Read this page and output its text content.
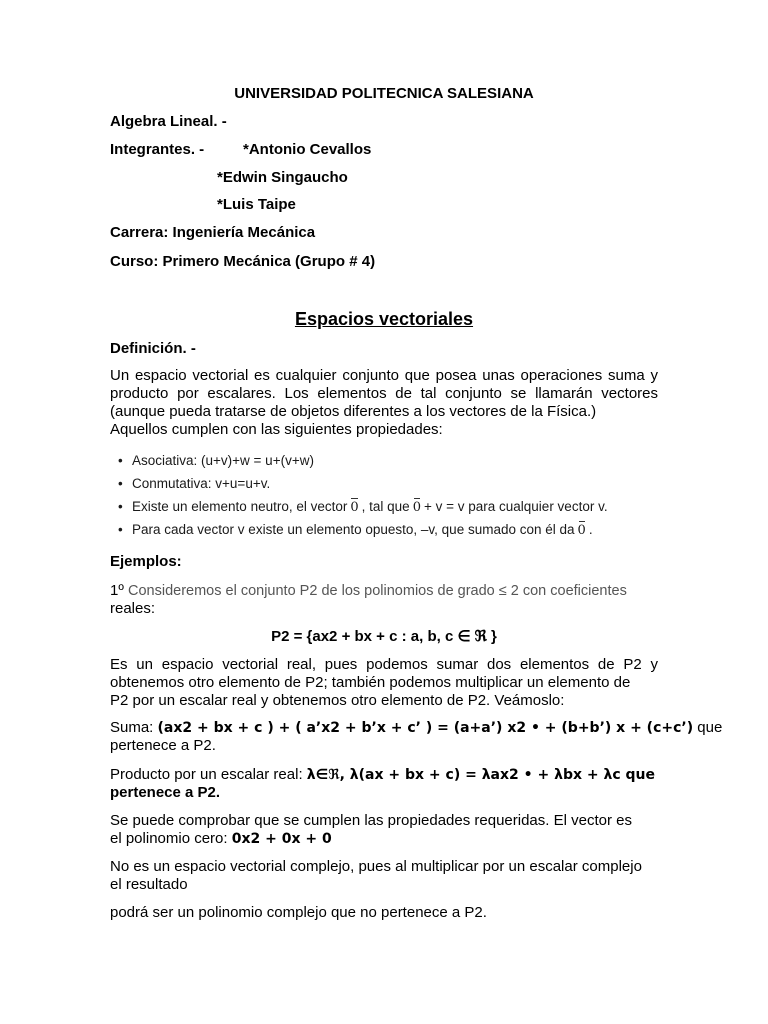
UNIVERSIDAD POLITECNICA SALESIANA
Algebra Lineal. -
Integrantes. -	*Antonio Cevallos
*Edwin Singaucho
*Luis Taipe
Carrera: Ingeniería Mecánica
Curso: Primero Mecánica (Grupo # 4)
Espacios vectoriales
Definición. -
Un espacio vectorial es cualquier conjunto que posea unas operaciones suma y producto por escalares. Los elementos de tal conjunto se llamarán vectores (aunque pueda tratarse de objetos diferentes a los vectores de la Física.)
Aquellos cumplen con las siguientes propiedades:
• Asociativa: (u+v)+w = u+(v+w)
• Conmutativa: v+u=u+v.
• Existe un elemento neutro, el vector 0 , tal que 0 + v = v para cualquier vector v.
• Para cada vector v existe un elemento opuesto, –v, que sumado con él da 0 .
Ejemplos:
1º Consideremos el conjunto P2 de los polinomios de grado ≤ 2 con coeficientes
reales:
P2 = {ax2 + bx + c : a, b, c ∈ ℜ }
Es un espacio vectorial real, pues podemos sumar dos elementos de P2 y obtenemos otro elemento de P2; también podemos multiplicar un elemento de
P2 por un escalar real y obtenemos otro elemento de P2. Veámoslo:
Suma: (ax2 + bx + c ) + ( a’x2 + b’x + c’ ) = (a+a’) x2 • + (b+b’) x + (c+c’) que
pertenece a P2.
Producto por un escalar real: λ∈ℜ, λ(ax + bx + c) = λax2 • + λbx + λc que
pertenece a P2.
Se puede comprobar que se cumplen las propiedades requeridas. El vector es
el polinomio cero: 0x2 + 0x + 0
No es un espacio vectorial complejo, pues al multiplicar por un escalar complejo
el resultado
podrá ser un polinomio complejo que no pertenece a P2.
